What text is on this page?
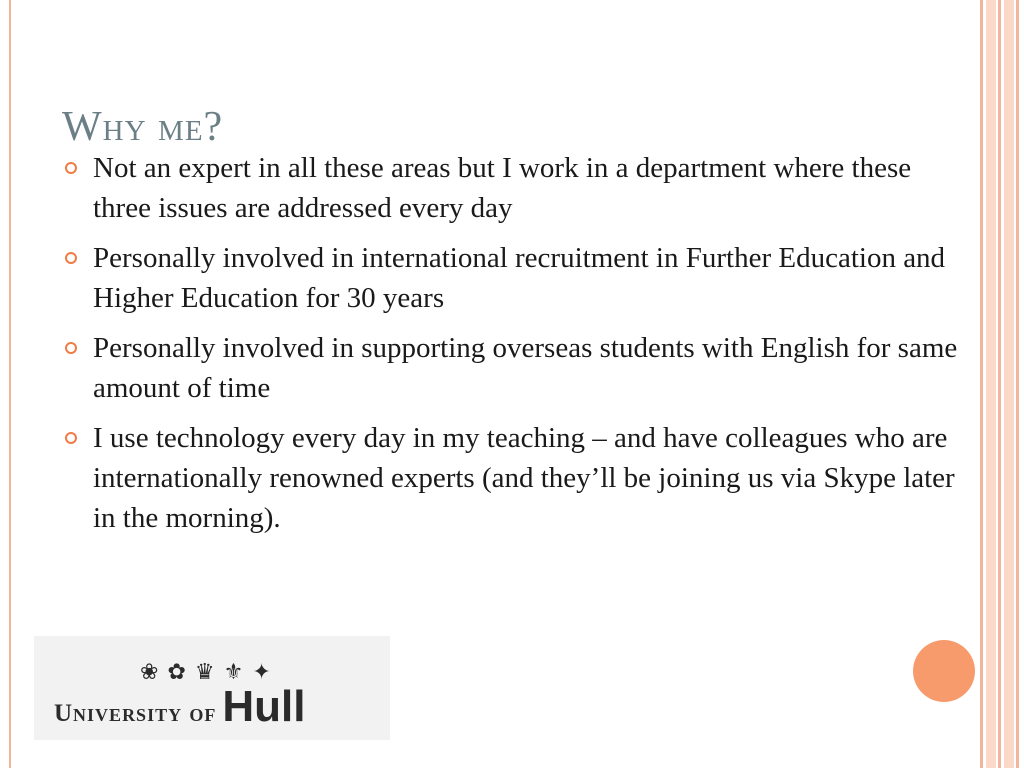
Why me?
Not an expert in all these areas but I work in a department where these three issues are addressed every day
Personally involved in international recruitment in Further Education and Higher Education for 30 years
Personally involved in supporting overseas students with English for same amount of time
I use technology every day in my teaching – and have colleagues who are internationally renowned experts (and they’ll be joining us via Skype later in the morning).
❀ ✿ ♛ ⚜ ✦
University of Hull
